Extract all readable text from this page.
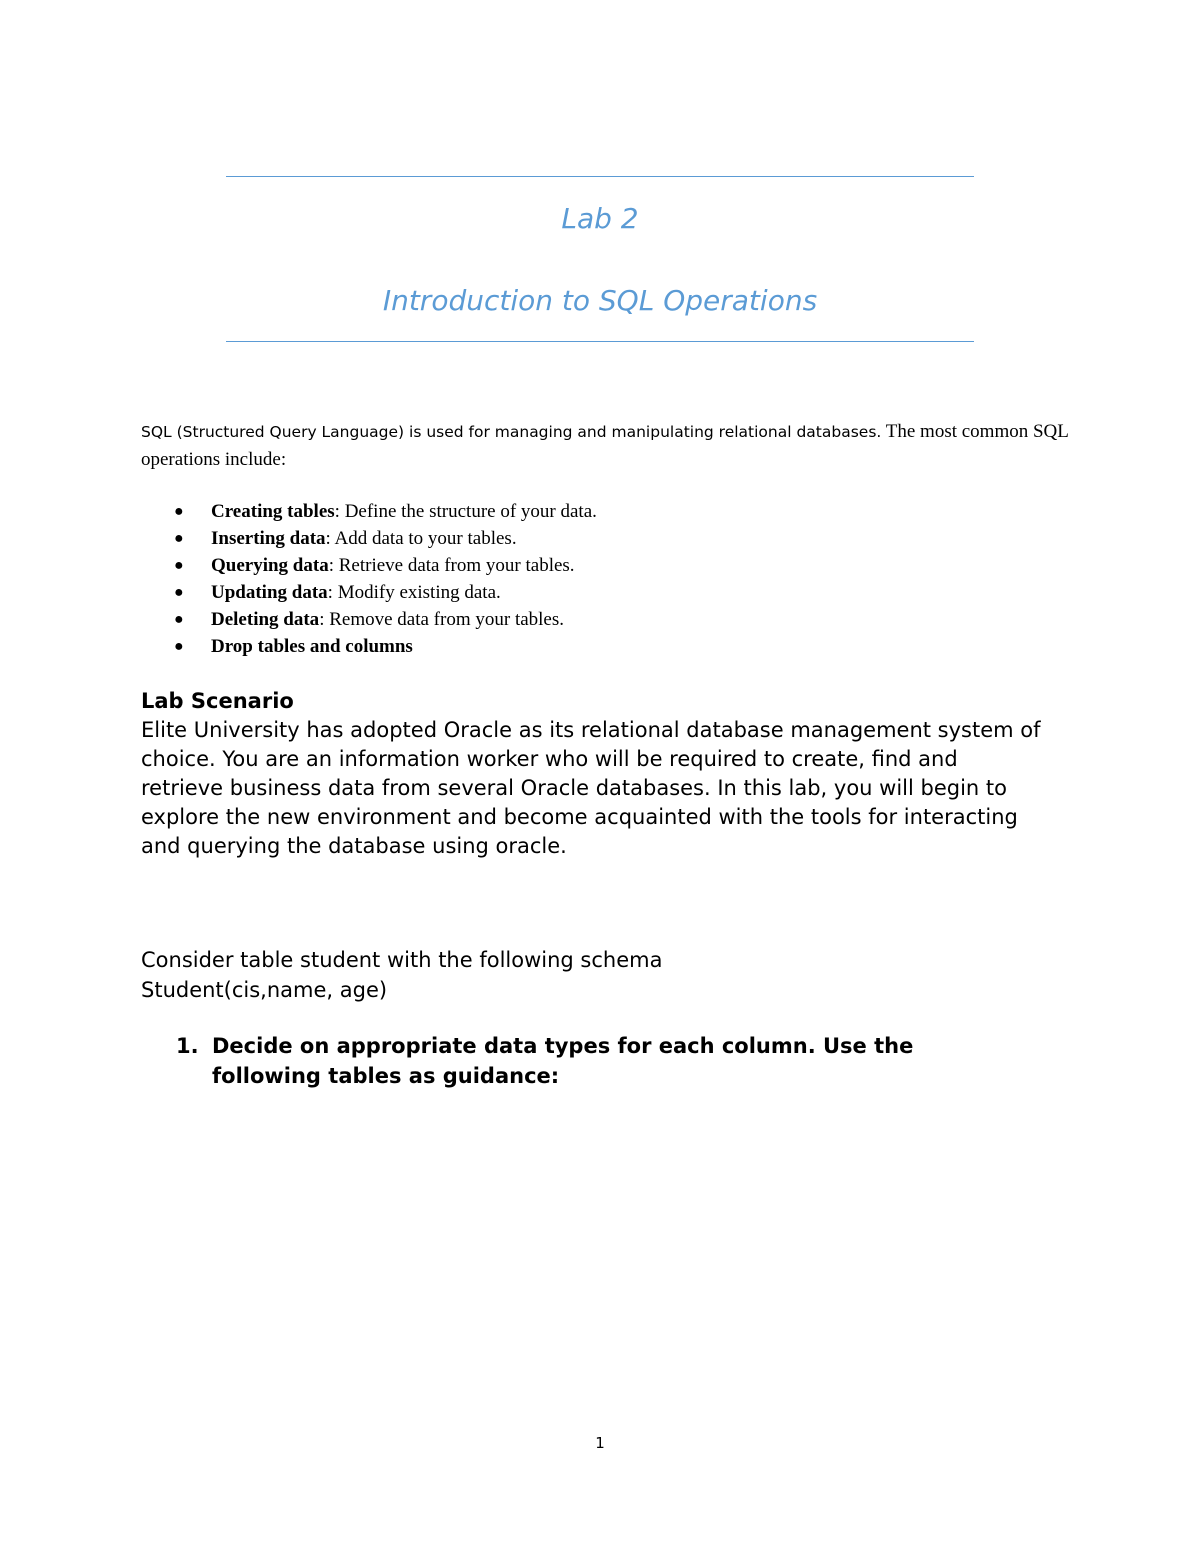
Lab 2
Introduction to SQL Operations

SQL (Structured Query Language) is used for managing and manipulating relational databases. The most common SQL operations include:

● Creating tables: Define the structure of your data.
● Inserting data: Add data to your tables.
● Querying data: Retrieve data from your tables.
● Updating data: Modify existing data.
● Deleting data: Remove data from your tables.
● Drop tables and columns
Lab Scenario

Elite University has adopted Oracle as its relational database management system of choice. You are an information worker who will be required to create, find and retrieve business data from several Oracle databases. In this lab, you will begin to explore the new environment and become acquainted with the tools for interacting and querying the database using oracle.

Consider table student with the following schema
Student(cis,name, age)
1. Decide on appropriate data types for each column. Use the following tables as guidance:
1
